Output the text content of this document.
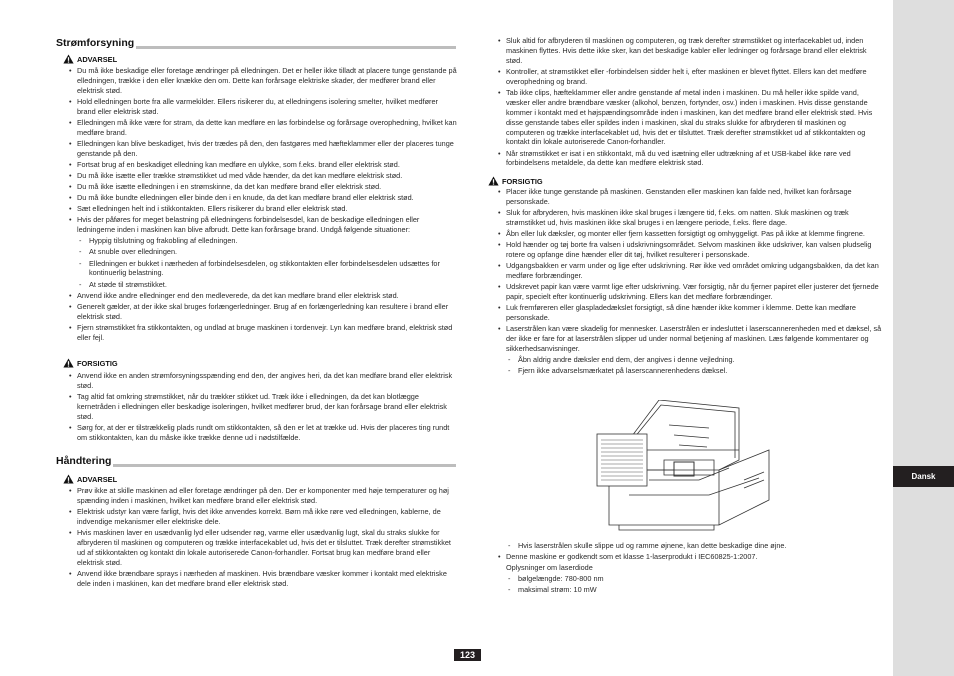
Strømforsyning
ADVARSEL
• Du må ikke beskadige eller foretage ændringer på elledningen. Det er heller ikke tilladt at placere tunge genstande på elledningen, trække i den eller knække den om. Dette kan forårsage elektriske skader, der medfører brand eller elektrisk stød.
• Hold elledningen borte fra alle varmekilder. Ellers risikerer du, at elledningens isolering smelter, hvilket medfører brand eller elektrisk stød.
• Elledningen må ikke være for stram, da dette kan medføre en løs forbindelse og forårsage overophedning, hvilket kan medføre brand.
• Elledningen kan blive beskadiget, hvis der trædes på den, den fastgøres med hæfteklammer eller der placeres tunge genstande på den.
• Fortsat brug af en beskadiget elledning kan medføre en ulykke, som f.eks. brand eller elektrisk stød.
• Du må ikke isætte eller trække strømstikket ud med våde hænder, da det kan medføre elektrisk stød.
• Du må ikke isætte elledningen i en strømskinne, da det kan medføre brand eller elektrisk stød.
• Du må ikke bundte elledningen eller binde den i en knude, da det kan medføre brand eller elektrisk stød.
• Sæt elledningen helt ind i stikkontakten. Ellers risikerer du brand eller elektrisk stød.
• Hvis der påføres for meget belastning på elledningens forbindelsesdel, kan de beskadige elledningen eller ledningerne inden i maskinen kan blive afbrudt. Dette kan forårsage brand. Undgå følgende situationer:
- Hyppig tilslutning og frakobling af elledningen.
- At snuble over elledningen.
- Elledningen er bukket i nærheden af forbindelsesdelen, og stikkontakten eller forbindelsesdelen udsættes for kontinuerlig belastning.
- At støde til strømstikket.
• Anvend ikke andre elledninger end den medleverede, da det kan medføre brand eller elektrisk stød.
• Generelt gælder, at der ikke skal bruges forlængerledninger. Brug af en forlængerledning kan resultere i brand eller elektrisk stød.
• Fjern strømstikket fra stikkontakten, og undlad at bruge maskinen i tordenvejr. Lyn kan medføre brand, elektrisk stød eller fejl.
FORSIGTIG
• Anvend ikke en anden strømforsyningsspænding end den, der angives heri, da det kan medføre brand eller elektrisk stød.
• Tag altid fat omkring strømstikket, når du trækker stikket ud. Træk ikke i elledningen, da det kan blotlægge kernetråden i elledningen eller beskadige isoleringen, hvilket medfører brud, der kan forårsage brand eller elektrisk stød.
• Sørg for, at der er tilstrækkelig plads rundt om stikkontakten, så den er let at trække ud. Hvis der placeres ting rundt om stikkontakten, kan du måske ikke trække denne ud i nødstilfælde.
Håndtering
ADVARSEL
• Prøv ikke at skille maskinen ad eller foretage ændringer på den. Der er komponenter med høje temperaturer og høj spænding inden i maskinen, hvilket kan medføre brand eller elektrisk stød.
• Elektrisk udstyr kan være farligt, hvis det ikke anvendes korrekt. Børn må ikke røre ved elledningen, kablerne, de indvendige mekanismer eller elektriske dele.
• Hvis maskinen laver en usædvanlig lyd eller udsender røg, varme eller usædvanlig lugt, skal du straks slukke for afbryderen til maskinen og computeren og trække interfacekablet ud, hvis det er tilsluttet. Træk derefter strømstikket ud af stikkontakten og kontakt din lokale autoriserede Canon-forhandler. Fortsat brug kan medføre brand eller elektrisk stød.
• Anvend ikke brændbare sprays i nærheden af maskinen. Hvis brændbare væsker kommer i kontakt med elektriske dele inden i maskinen, kan det medføre brand eller elektrisk stød.
• Sluk altid for afbryderen til maskinen og computeren, og træk derefter strømstikket og interfacekablet ud, inden maskinen flyttes. Hvis dette ikke sker, kan det beskadige kabler eller ledninger og forårsage brand eller elektrisk stød.
• Kontroller, at strømstikket eller -forbindelsen sidder helt i, efter maskinen er blevet flyttet. Ellers kan det medføre overophedning og brand.
• Tab ikke clips, hæfteklammer eller andre genstande af metal inden i maskinen. Du må heller ikke spilde vand, væsker eller andre brændbare væsker (alkohol, benzen, fortynder, osv.) inden i maskinen. Hvis disse genstande kommer i kontakt med et højspændingsområde inden i maskinen, kan det medføre brand eller elektrisk stød. Hvis disse genstande tabes eller spildes inden i maskinen, skal du straks slukke for afbryderen til maskinen og computeren og trække interfacekablet ud, hvis det er tilsluttet. Træk derefter strømstikket ud af stikkontakten og kontakt din lokale autoriserede Canon-forhandler.
• Når strømstikket er isat i en stikkontakt, må du ved isætning eller udtrækning af et USB-kabel ikke røre ved forbindelsens metaldele, da dette kan medføre elektrisk stød.
FORSIGTIG
• Placer ikke tunge genstande på maskinen. Genstanden eller maskinen kan falde ned, hvilket kan forårsage personskade.
• Sluk for afbryderen, hvis maskinen ikke skal bruges i længere tid, f.eks. om natten. Sluk maskinen og træk strømstikket ud, hvis maskinen ikke skal bruges i en længere periode, f.eks. flere dage.
• Åbn eller luk dæksler, og monter eller fjern kassetten forsigtigt og omhyggeligt. Pas på ikke at klemme fingrene.
• Hold hænder og tøj borte fra valsen i udskrivningsområdet. Selvom maskinen ikke udskriver, kan valsen pludselig rotere og opfange dine hænder eller dit tøj, hvilket resulterer i personskade.
• Udgangsbakken er varm under og lige efter udskrivning. Rør ikke ved området omkring udgangsbakken, da det kan medføre forbrændinger.
• Udskrevet papir kan være varmt lige efter udskrivning. Vær forsigtig, når du fjerner papiret eller justerer det fjernede papir, specielt efter kontinuerlig udskrivning. Ellers kan det medføre forbrændinger.
• Luk fremføreren eller glaspladedækslet forsigtigt, så dine hænder ikke kommer i klemme. Dette kan medføre personskade.
• Laserstrålen kan være skadelig for mennesker. Laserstrålen er indesluttet i laserscannerenheden med et dæksel, så der ikke er fare for at laserstrålen slipper ud under normal betjening af maskinen. Læs følgende kommentarer og sikkerhedsanvisninger.
- Åbn aldrig andre dæksler end dem, der angives i denne vejledning.
- Fjern ikke advarselsmærkatet på laserscannerenhedens dæksel.
- Hvis laserstrålen skulle slippe ud og ramme øjnene, kan dette beskadige dine øjne.
• Denne maskine er godkendt som et klasse 1-laserprodukt i IEC60825-1:2007.
Oplysninger om laserdiode
- bølgelængde: 780-800 nm
- maksimal strøm: 10 mW
Dansk
123
